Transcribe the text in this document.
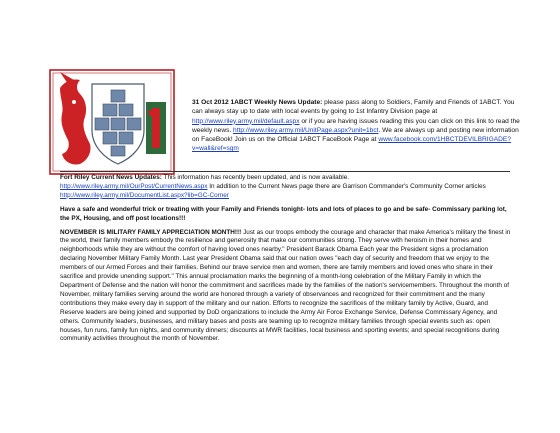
31 Oct 2012 1ABCT Weekly News Update: please pass along to Soldiers, Family and Friends of 1ABCT. You can always stay up to date with local events by going to 1st Infantry Division page at http://www.riley.army.mil/default.aspx or if you are having issues reading this you can click on this link to read the weekly news. http://www.riley.army.mil/UnitPage.aspx?unit=1bct. We are always up and posting new information on FaceBook! Join us on the Official 1ABCT FaceBook Page at www.facebook.com/1HBCTDEVILBRIGADE?v=wall&ref=sgm

Fort Riley Current News Updates: This information has recently been updated, and is now available.
http://www.riley.army.mil/OurPost/CurrentNews.aspx In addition to the Current News page there are Garrison Commander's Community Corner articles http://www.riley.army.mil/DocumentList.aspx?lib=GC-Corner

Have a safe and wonderful trick or treating with your Family and Friends tonight- lots and lots of places to go and be safe- Commissary parking lot, the PX, Housing, and off post locations!!!

NOVEMBER IS MILITARY FAMILY APPRECIATION MONTH!!! Just as our troops embody the courage and character that make America's military the finest in the world, their family members embody the resilience and generosity that make our communities strong. They serve with heroism in their homes and neighborhoods while they are without the comfort of having loved ones nearby." President Barack Obama Each year the President signs a proclamation declaring November Military Family Month. Last year President Obama said that our nation owes "each day of security and freedom that we enjoy to the members of our Armed Forces and their families. Behind our brave service men and women, there are family members and loved ones who share in their sacrifice and provide unending support." This annual proclamation marks the beginning of a month-long celebration of the Military Family in which the Department of Defense and the nation will honor the commitment and sacrifices made by the families of the nation's servicemembers. Throughout the month of November, military families serving around the world are honored through a variety of observances and recognized for their commitment and the many contributions they make every day in support of the military and our nation. Efforts to recognize the sacrifices of the military family by Active, Guard, and Reserve leaders are being joined and supported by DoD organizations to include the Army Air Force Exchange Service, Defense Commissary Agency, and others. Community leaders, businesses, and military bases and posts are teaming up to recognize military families through special events such as: open houses, fun runs, family fun nights, and community dinners; discounts at MWR facilities, local business and sporting events; and special recognitions during community activities throughout the month of November.
